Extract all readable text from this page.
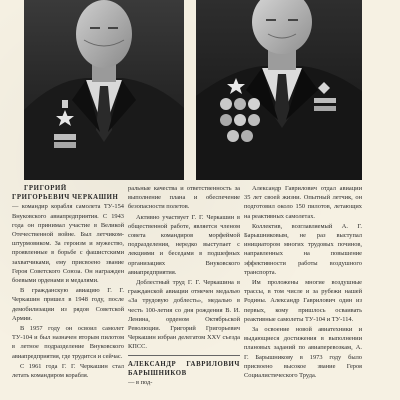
ГРИГОРИЙ ГРИГОРЬЕВИЧ ЧЕРКАШИН
— командир корабля самолета ТУ-154 Внуковского авиапредприятия. С 1943 года он принимал участие в Великой Отечественной войне. Был летчиком-штурмовиком. За героизм и мужество, проявленные в борьбе с фашистскими захватчиками, ему присвоено звание Героя Советского Союза. Он награжден боевыми орденами и медалями.

В гражданскую авиацию Г. Г. Черкашин пришел в 1948 году, после демобилизации из рядов Советской Армии.

В 1957 году он освоил самолет ТУ-104 и был назначен вторым пилотом в летное подразделение Внуковского авиапредприятия, где трудится и сейчас.

С 1961 года Г. Г. Черкашин стал летать командиром корабля.

ральные качества и ответственность за выполнение плана и обеспечение безопасности полетов.

Активно участвует Г. Г. Черкашин в общественной работе, является членом совета командиров морфеймой подразделения, нередко выступает с лекциями и беседами в подшефных организациях Внуковского авиапредприятия.

Доблестный труд Г. Г. Черкашина в гражданской авиации отмечен медалью «За трудовую доблесть», медалью в честь 100-летия со дня рождения В. И. Ленина, орденом Октябрьской Революции. Григорий Григорьевич Черкашин избран делегатом XXV съезда КПСС.

АЛЕКСАНДР ГАВРИЛОВИЧ БАРЫШНИКОВ
— в под-

Александр Гаврилович отдал авиации 35 лет своей жизни. Опытный летчик, он подготовил около 150 пилотов, летающих на реактивных самолетах.

Коллектив, возглавляемый А. Г. Барышниковым, не раз выступал инициатором многих трудовых починов, направленных на повышение эффективности работы воздушного транспорта.

Им проложены многие воздушные трассы, в том числе и за рубежи нашей Родины. Александр Гаврилович один из первых, кому пришлось осваивать реактивные самолеты ТУ-104 и ТУ-114.

За освоение новой авиатехники и выдающиеся достижения в выполнении плановых заданий по авиаперевозкам, А. Г. Барышникову в 1973 году было присвоено высокое звание Героя Социалистического Труда.
